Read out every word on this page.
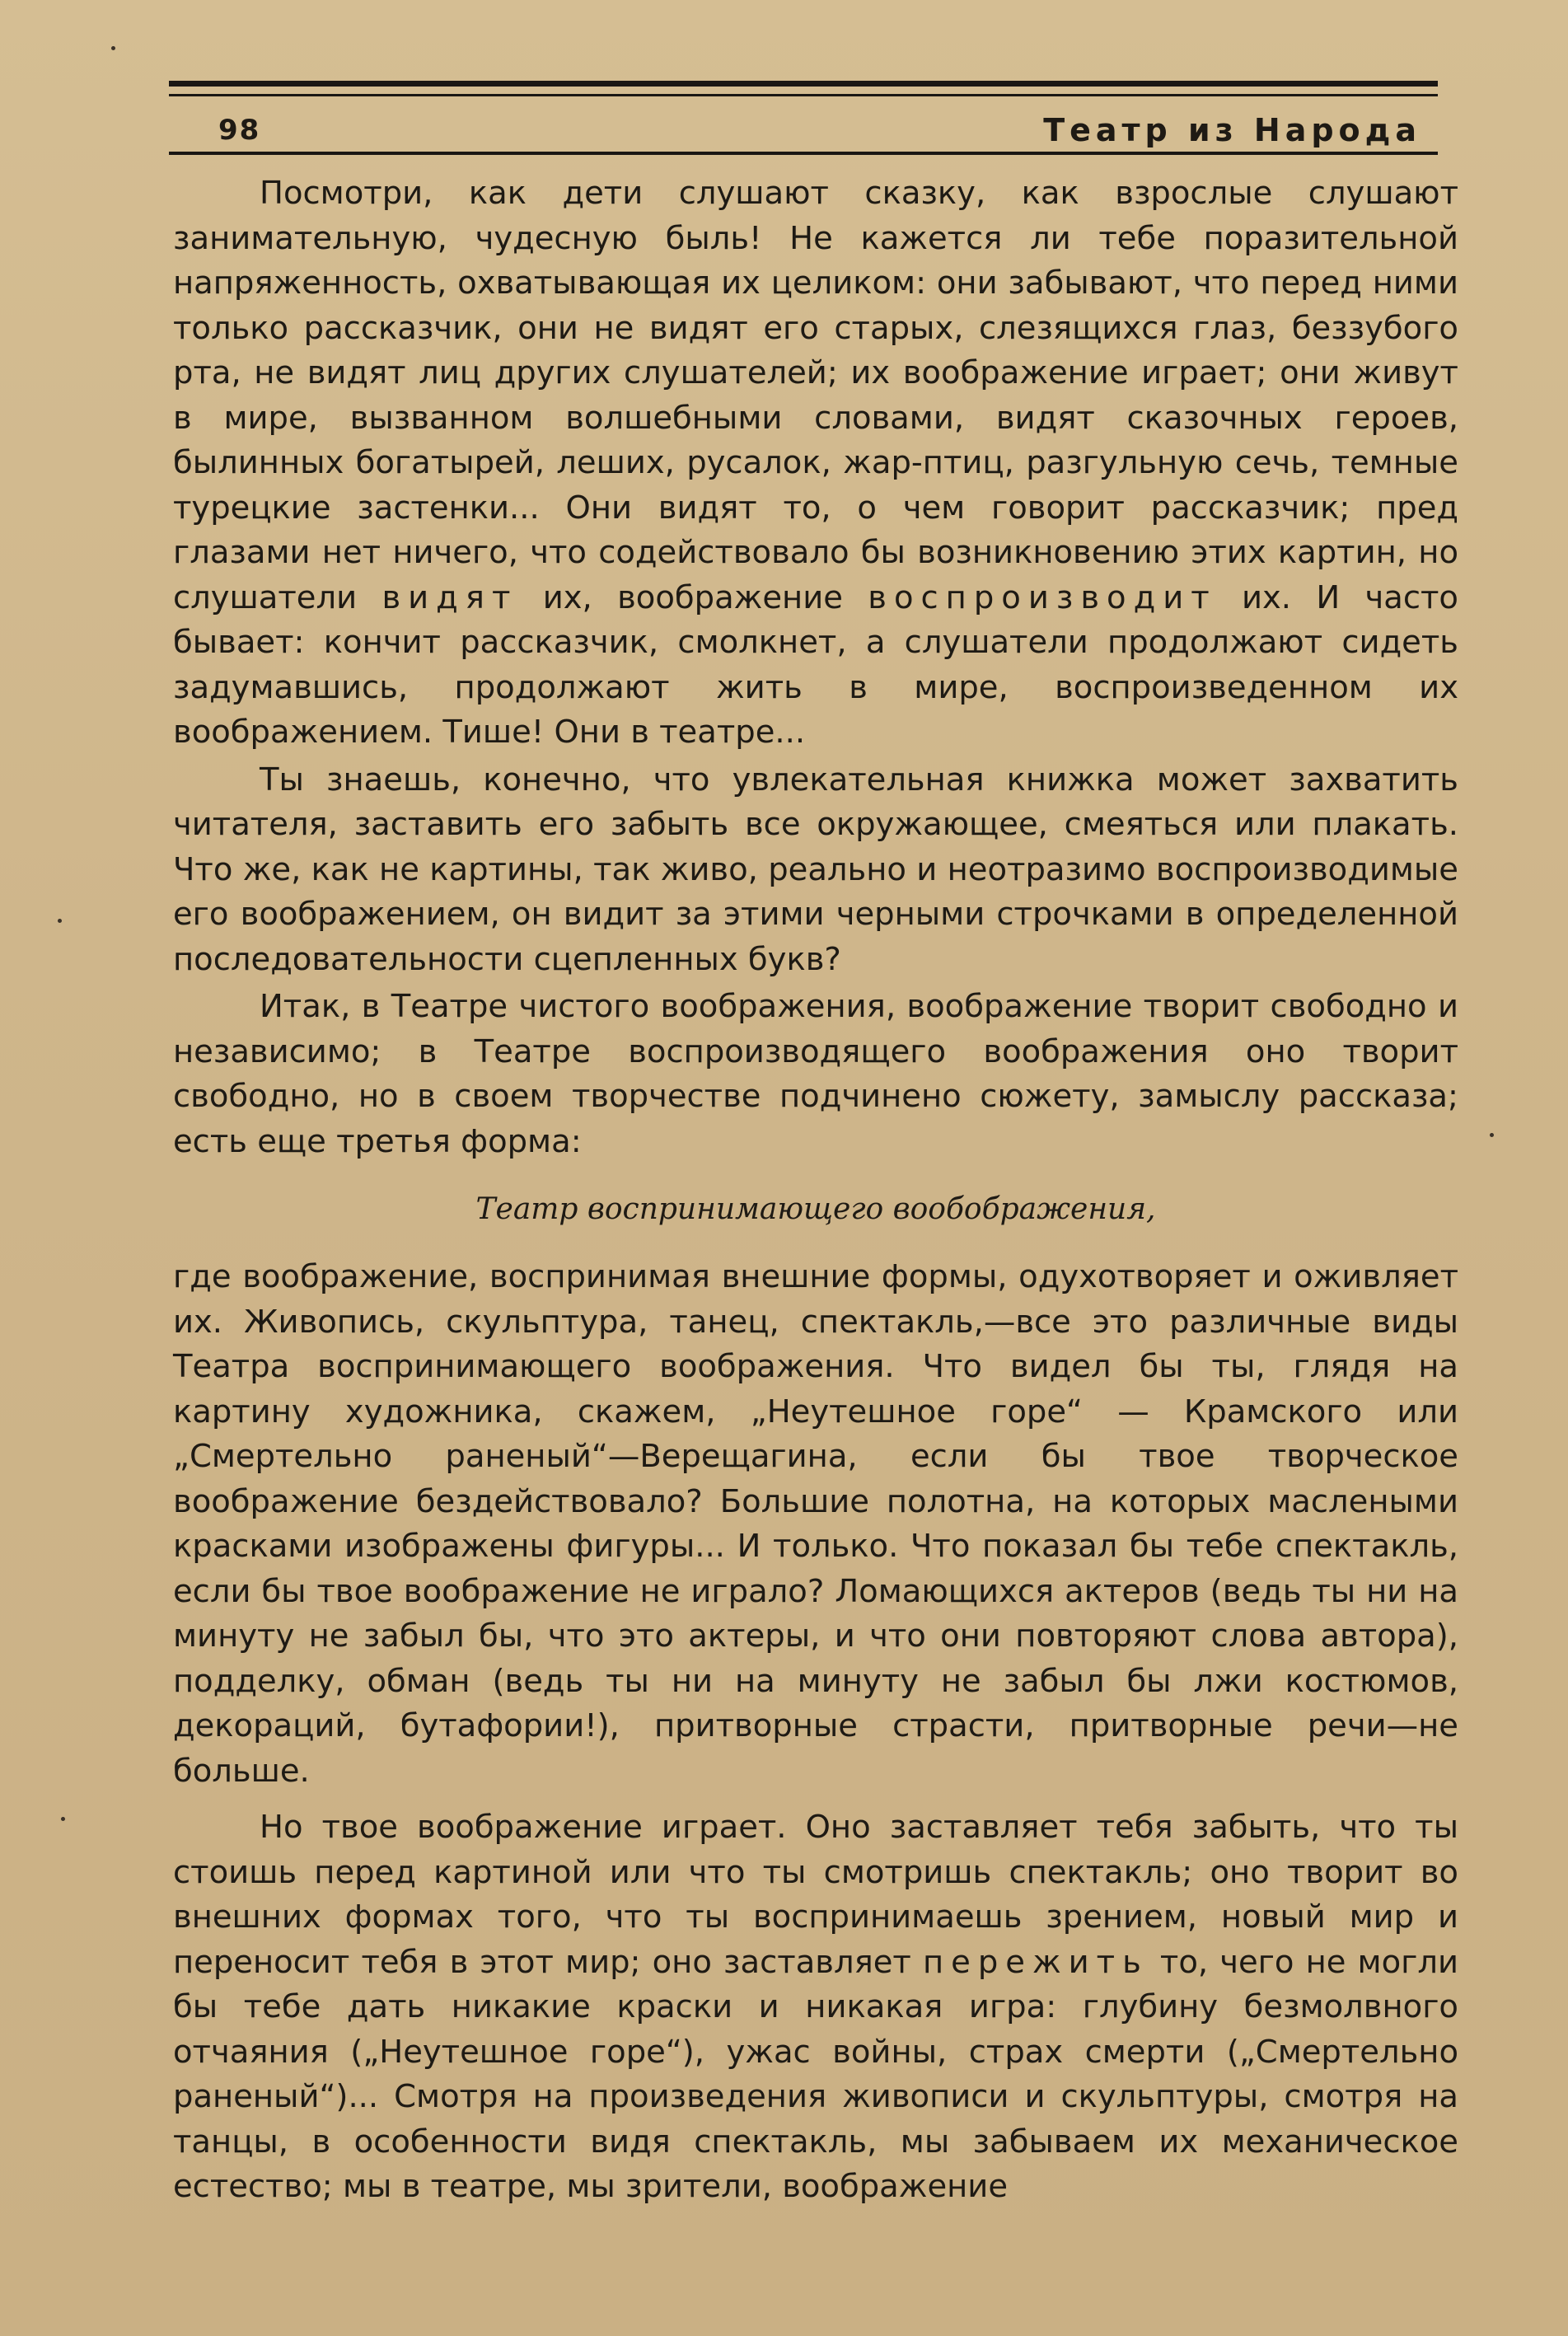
98	Театр из Народа

Посмотри, как дети слушают сказку, как взрослые слушают занимательную, чудесную быль! Не кажется ли тебе поразительной напряженность, охватывающая их целиком: они забывают, что перед ними только рассказчик, они не видят его старых, слезящихся глаз, беззубого рта, не видят лиц других слушателей; их воображение играет; они живут в мире, вызванном волшебными словами, видят сказочных героев, былинных богатырей, леших, русалок, жар-птиц, разгульную сечь, темные турецкие застенки... Они видят то, о чем говорит рассказчик; пред глазами нет ничего, что содействовало бы возникновению этих картин, но слушатели видят их, воображение воспроизводит их. И часто бывает: кончит рассказчик, смолкнет, а слушатели продолжают сидеть задумавшись, продолжают жить в мире, воспроизведенном их воображением. Тише! Они в театре...

Ты знаешь, конечно, что увлекательная книжка может захватить читателя, заставить его забыть все окружающее, смеяться или плакать. Что же, как не картины, так живо, реально и неотразимо воспроизводимые его воображением, он видит за этими черными строчками в определенной последовательности сцепленных букв?

Итак, в Театре чистого воображения, воображение творит свободно и независимо; в Театре воспроизводящего воображения оно творит свободно, но в своем творчестве подчинено сюжету, замыслу рассказа; есть еще третья форма:

Театр воспринимающего вообображения,

где воображение, воспринимая внешние формы, одухотворяет и оживляет их. Живопись, скульптура, танец, спектакль,—все это различные виды Театра воспринимающего воображения. Что видел бы ты, глядя на картину художника, скажем, „Неутешное горе“ — Крамского или „Смертельно раненый“—Верещагина, если бы твое творческое воображение бездействовало? Большие полотна, на которых маслеными красками изображены фигуры... И только. Что показал бы тебе спектакль, если бы твое воображение не играло? Ломающихся актеров (ведь ты ни на минуту не забыл бы, что это актеры, и что они повторяют слова автора), подделку, обман (ведь ты ни на минуту не забыл бы лжи костюмов, декораций, бутафории!), притворные страсти, притворные речи—не больше.

Но твое воображение играет. Оно заставляет тебя забыть, что ты стоишь перед картиной или что ты смотришь спектакль; оно творит во внешних формах того, что ты воспринимаешь зрением, новый мир и переносит тебя в этот мир; оно заставляет пережить то, чего не могли бы тебе дать никакие краски и никакая игра: глубину безмолвного отчаяния („Неутешное горе“), ужас войны, страх смерти („Смертельно раненый“)... Смотря на произведения живописи и скульптуры, смотря на танцы, в особенности видя спектакль, мы забываем их механическое естество; мы в театре, мы зрители, воображение
